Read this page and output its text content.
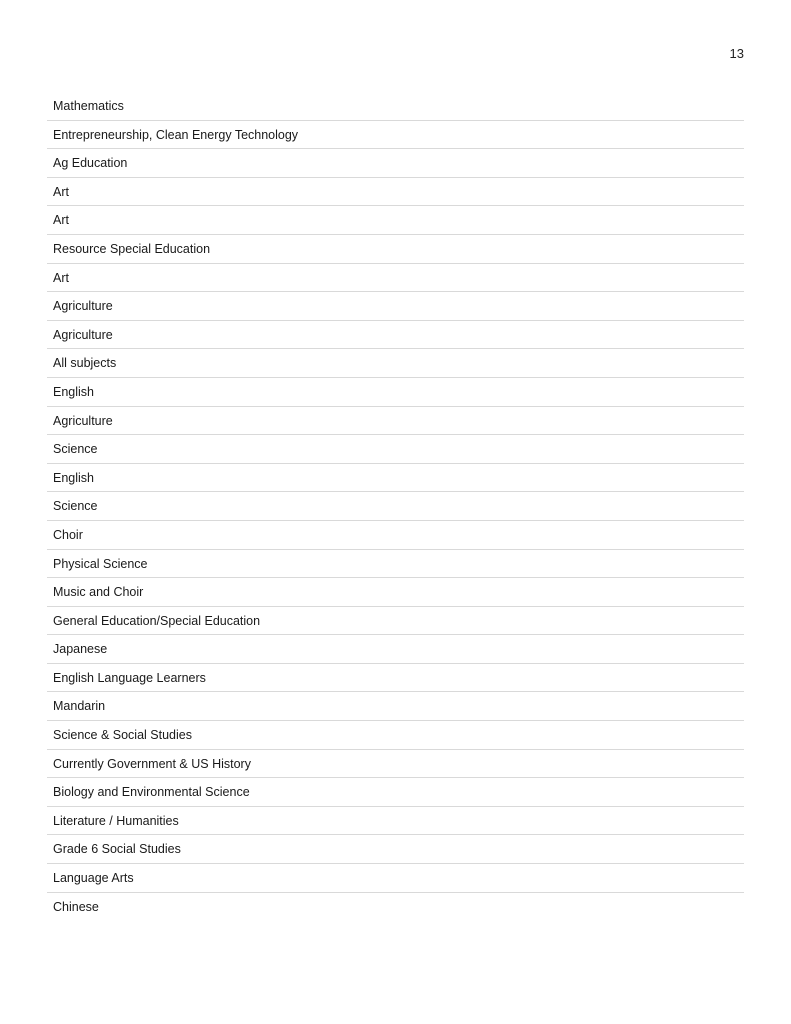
13
Mathematics
Entrepreneurship, Clean Energy Technology
Ag Education
Art
Art
Resource Special Education
Art
Agriculture
Agriculture
All subjects
English
Agriculture
Science
English
Science
Choir
Physical Science
Music and Choir
General Education/Special Education
Japanese
English Language Learners
Mandarin
Science & Social Studies
Currently Government & US History
Biology and Environmental Science
Literature / Humanities
Grade 6 Social Studies
Language Arts
Chinese
